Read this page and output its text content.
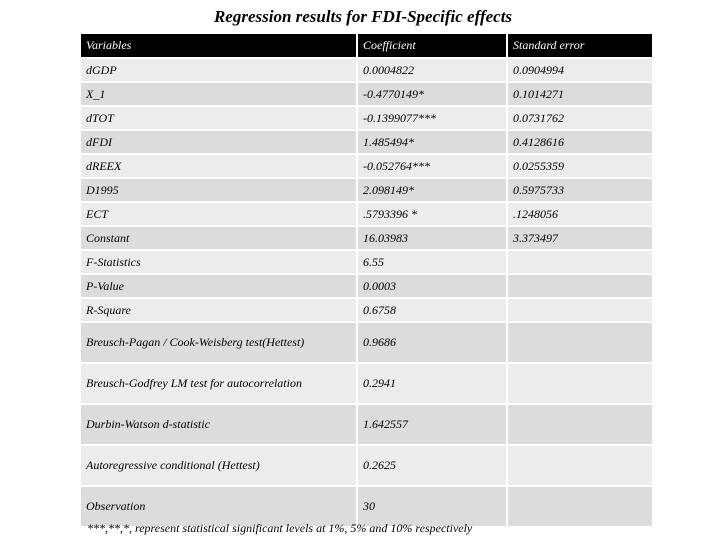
Regression results for FDI-Specific effects
Variables	Coefficient	Standard error
dGDP	0.0004822	0.0904994
X_1	-0.4770149*	0.1014271
dTOT	-0.1399077***	0.0731762
dFDI	1.485494*	0.4128616
dREEX	-0.052764***	0.0255359
D1995	2.098149*	0.5975733
ECT	.5793396 *	.1248056
Constant	16.03983	3.373497
F-Statistics	6.55	
P-Value	0.0003	
R-Square	0.6758	
Breusch-Pagan / Cook-Weisberg test(Hettest)	0.9686	
Breusch-Godfrey LM test for autocorrelation	0.2941	
Durbin-Watson d-statistic	1.642557	
Autoregressive conditional (Hettest)	0.2625	
Observation	30	
***,**,*, represent statistical significant levels at 1%, 5% and 10% respectively
